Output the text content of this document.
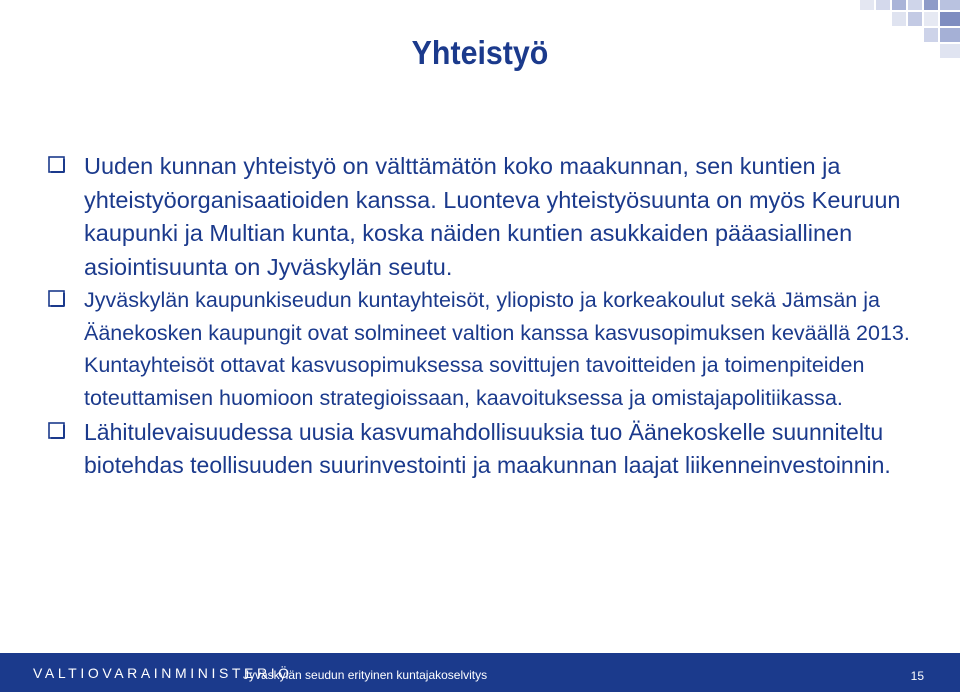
Yhteistyö
Uuden kunnan yhteistyö on välttämätön koko maakunnan, sen kuntien ja yhteistyöorganisaatioiden kanssa. Luonteva yhteistyösuunta on myös Keuruun kaupunki ja Multian kunta, koska näiden kuntien asukkaiden pääasiallinen asiointisuunta on Jyväskylän seutu.
Jyväskylän kaupunkiseudun kuntayhteisöt, yliopisto ja korkeakoulut sekä Jämsän ja Äänekosken kaupungit ovat solmineet valtion kanssa kasvusopimuksen keväällä 2013. Kuntayhteisöt ottavat kasvusopimuksessa sovittujen tavoitteiden ja toimenpiteiden toteuttamisen huomioon strategioissaan, kaavoituksessa ja omistajapolitiikassa.
Lähitulevaisuudessa uusia kasvumahdollisuuksia tuo Äänekoskelle suunniteltu biotehdas teollisuuden suurinvestointi ja maakunnan laajat liikenneinvestoinnin.
VALTIOVARAINMINISTERIÖ
Jyväskylän seudun erityinen kuntajakoselvitys	15
